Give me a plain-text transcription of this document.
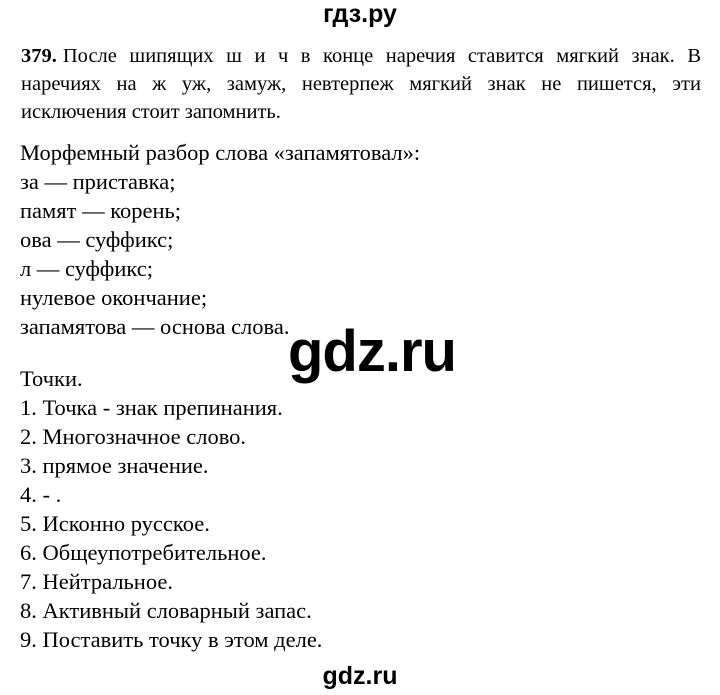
гдз.ру
379. После шипящих ш и ч в конце наречия ставится мягкий знак. В наречиях на ж уж, замуж, невтерпеж мягкий знак не пишется, эти исключения стоит запомнить.
Морфемный разбор слова «запамятовал»:
за — приставка;
памят — корень;
ова — суффикс;
л — суффикс;
нулевое окончание;
запамятова — основа слова.
gdz.ru
Точки.
1. Точка - знак препинания.
2. Многозначное слово.
3. прямое значение.
4. - .
5. Исконно русское.
6. Общеупотребительное.
7. Нейтральное.
8. Активный словарный запас.
9. Поставить точку в этом деле.
gdz.ru
